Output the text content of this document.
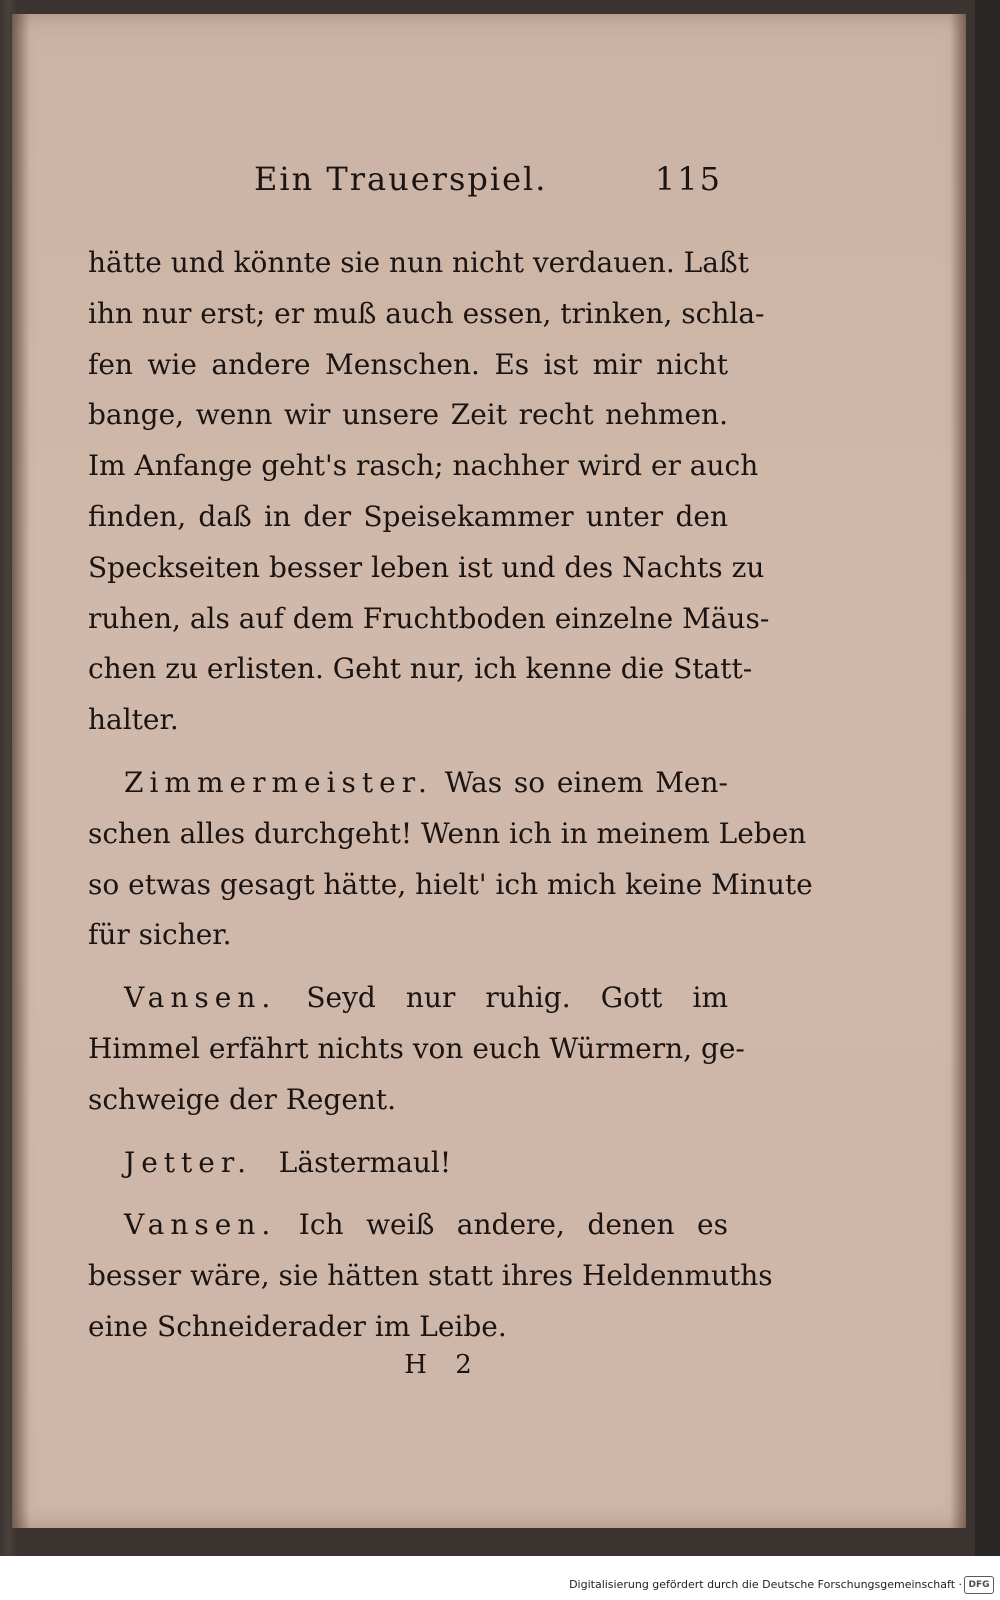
Ein Trauerspiel.	115
hätte und könnte sie nun nicht verdauen. Laßt
ihn nur erst; er muß auch essen, trinken, schla-
fen wie andere Menschen. Es ist mir nicht
bange, wenn wir unsere Zeit recht nehmen.
Im Anfange geht's rasch; nachher wird er auch
finden, daß in der Speisekammer unter den
Speckseiten besser leben ist und des Nachts zu
ruhen, als auf dem Fruchtboden einzelne Mäus-
chen zu erlisten. Geht nur, ich kenne die Statt-
halter.
Zimmermeister. Was so einem Men-
schen alles durchgeht! Wenn ich in meinem Leben
so etwas gesagt hätte, hielt' ich mich keine Minute
für sicher.
Vansen. Seyd nur ruhig. Gott im
Himmel erfährt nichts von euch Würmern, ge-
schweige der Regent.
Jetter. Lästermaul!
Vansen. Ich weiß andere, denen es
besser wäre, sie hätten statt ihres Heldenmuths
eine Schneiderader im Leibe.
H 2
Digitalisierung gefördert durch die Deutsche Forschungsgemeinschaft · DFG
